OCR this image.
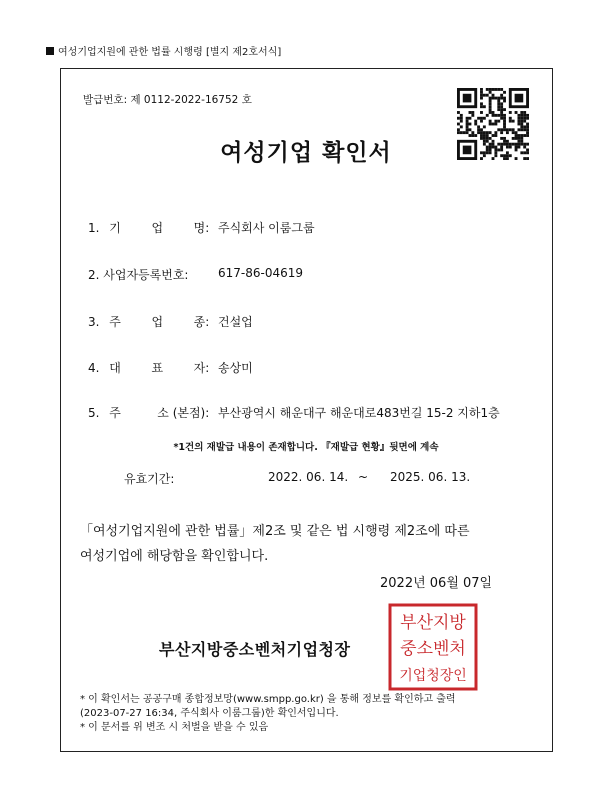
여성기업지원에 관한 법률 시행령 [별지 제2호서식]
발급번호: 제 0112-2022-16752 호
여성기업 확인서
1. 기	업	명: 주식회사 이룸그룹
2. 사업자등록번호: 617-86-04619
3. 주	업	종: 건설업
4. 대	표	자: 송상미
5. 주	소 (본점): 부산광역시 해운대구 해운대로483번길 15-2 지하1층
*1건의 재발급 내용이 존재합니다. 『재발급 현황』뒷면에 계속
유효기간:	2022. 06. 14. ~ 2025. 06. 13.
「여성기업지원에 관한 법률」제2조 및 같은 법 시행령 제2조에 따른
여성기업에 해당함을 확인합니다.
2022년 06월 07일
부산지방중소벤처기업청장
부산지방
중소벤처
기업청장인
* 이 확인서는 공공구매 종합정보망(www.smpp.go.kr) 을 통해 정보를 확인하고 출력
(2023-07-27 16:34, 주식회사 이룸그룹)한 확인서입니다.
* 이 문서를 위 변조 시 처벌을 받을 수 있음
